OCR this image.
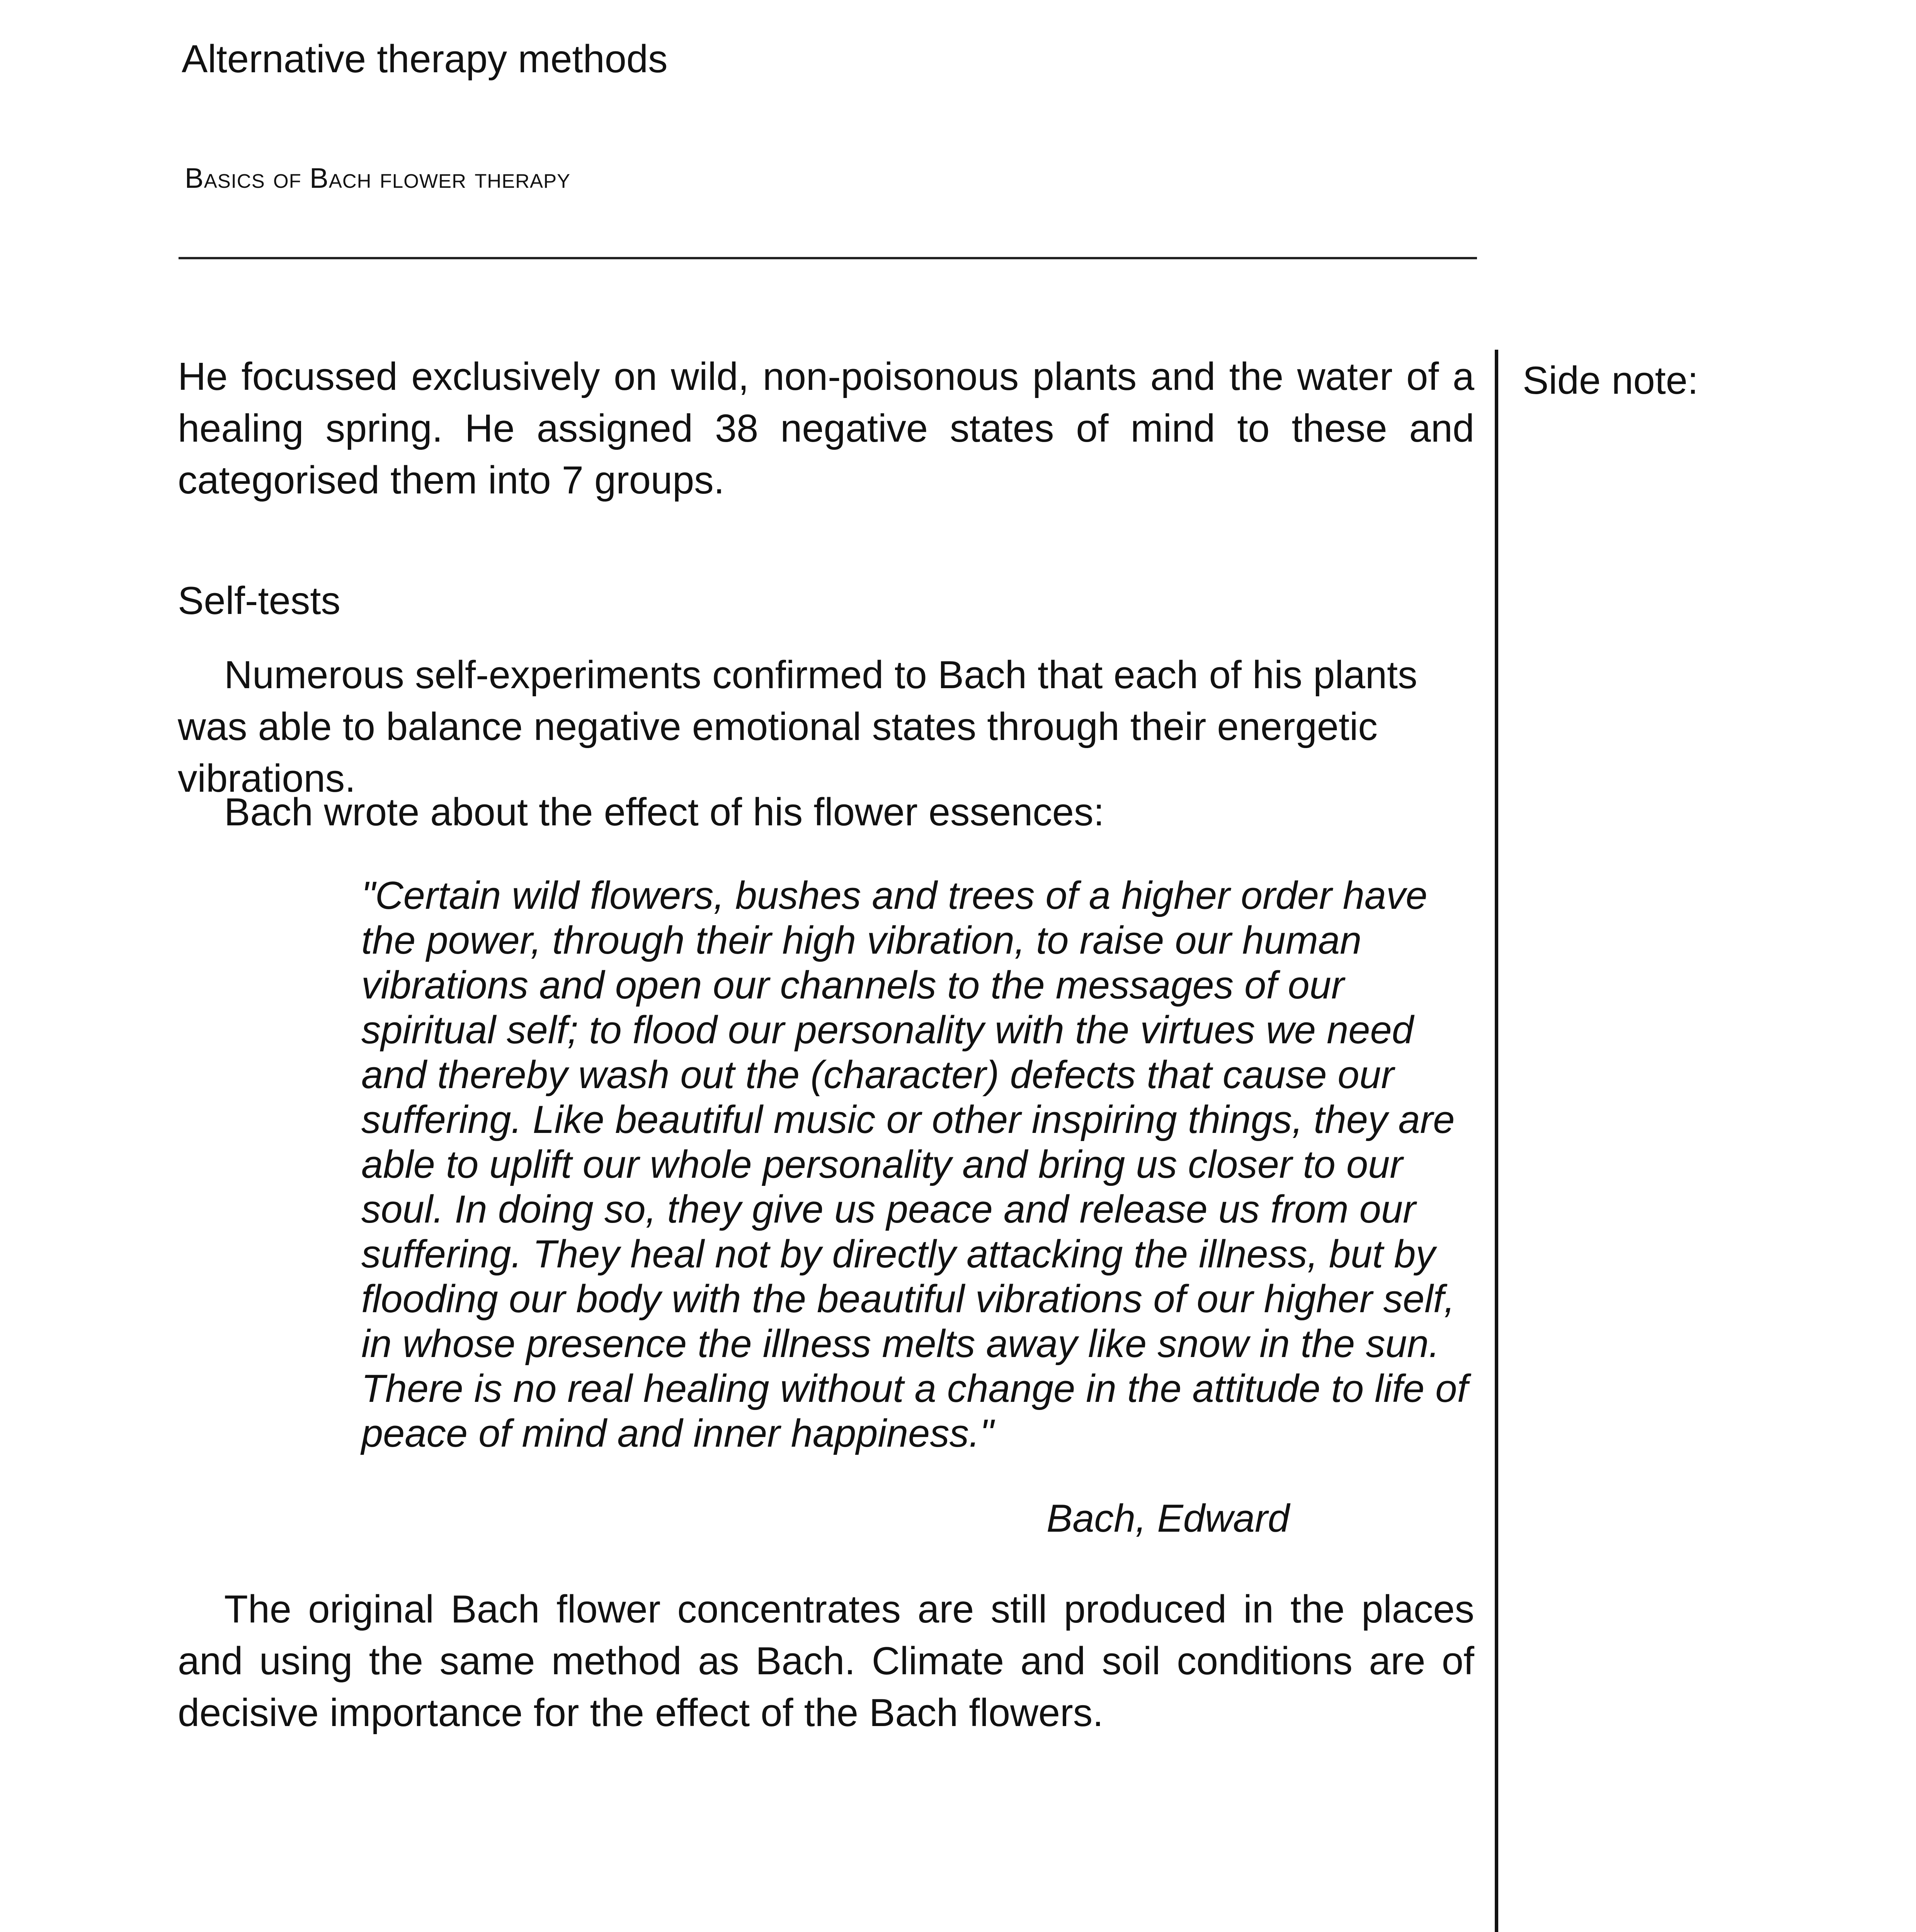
Alternative therapy methods
Basics of Bach flower therapy
Side note:

He focussed exclusively on wild, non-poisonous plants and the water of a healing spring. He assigned 38 negative states of mind to these and categorised them into 7 groups.

Self-tests

Numerous self-experiments confirmed to Bach that each of his plants was able to balance negative emotional states through their energetic vibrations.

Bach wrote about the effect of his flower essences:

"Certain wild flowers, bushes and trees of a higher order have the power, through their high vibration, to raise our human vibrations and open our channels to the messages of our spiritual self; to flood our personality with the virtues we need and thereby wash out the (character) defects that cause our suffering. Like beautiful music or other inspiring things, they are able to uplift our whole personality and bring us closer to our soul. In doing so, they give us peace and release us from our suffering. They heal not by directly attacking the illness, but by flooding our body with the beautiful vibrations of our higher self, in whose presence the illness melts away like snow in the sun. There is no real healing without a change in the attitude to life of peace of mind and inner happiness."

Bach, Edward

The original Bach flower concentrates are still produced in the places and using the same method as Bach. Climate and soil conditions are of decisive importance for the effect of the Bach flowers.
